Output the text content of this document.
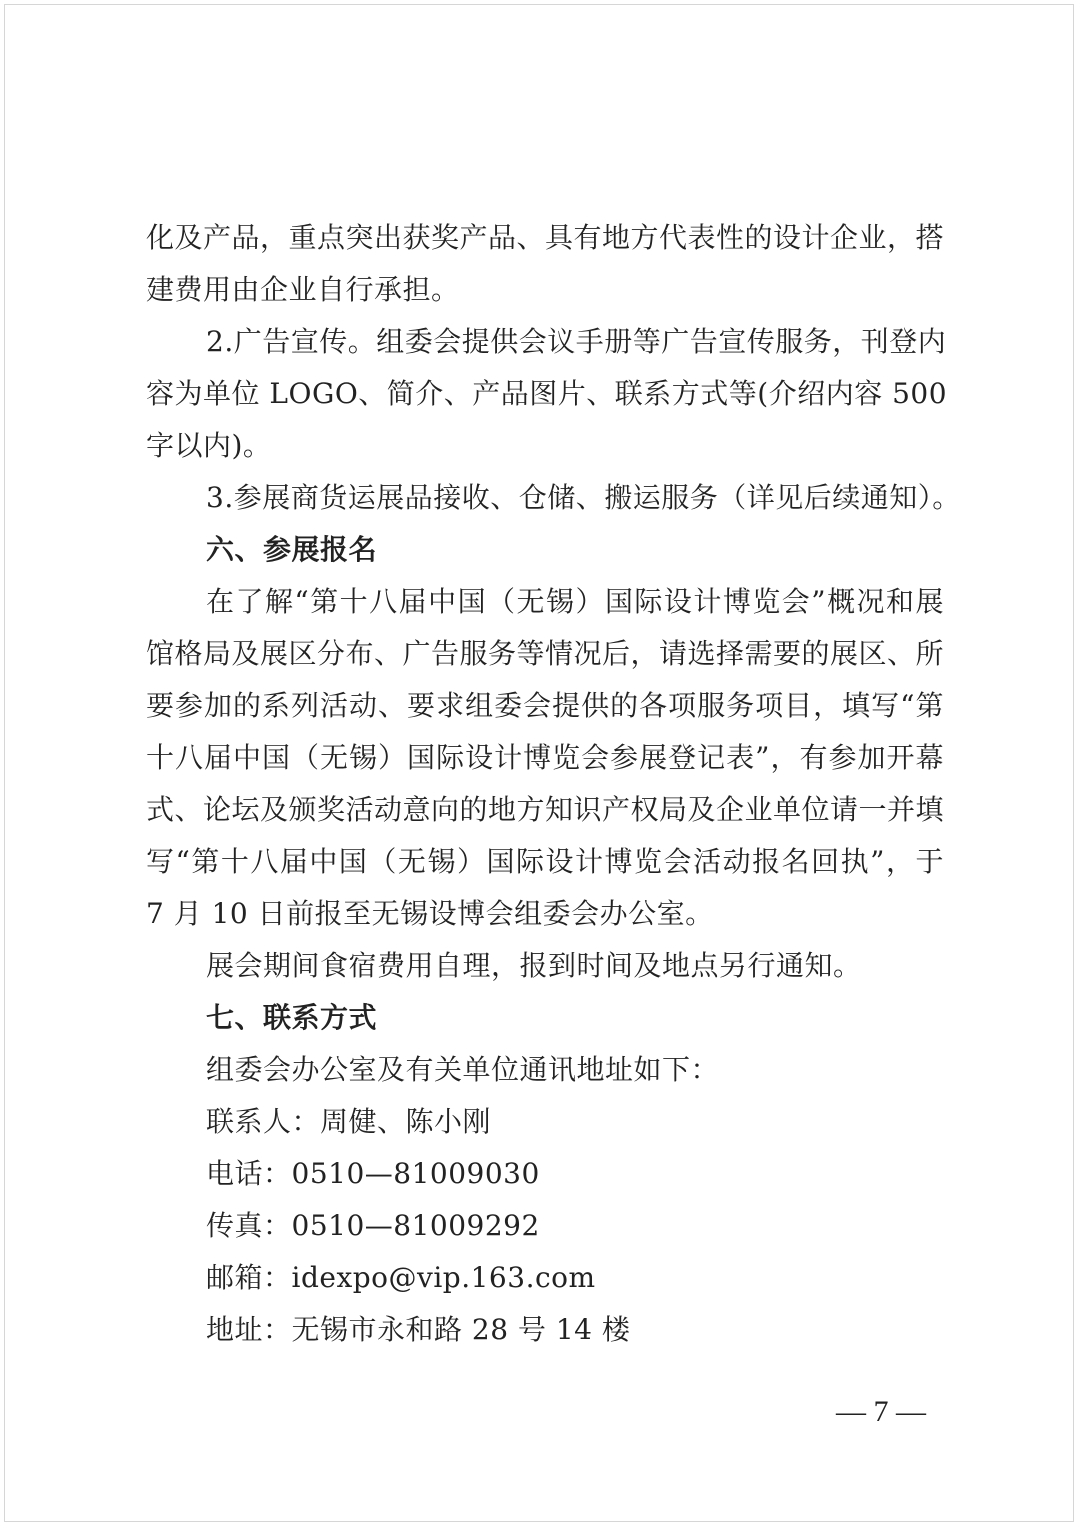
化及产品，重点突出获奖产品、具有地方代表性的设计企业，搭
建费用由企业自行承担。
2.广告宣传。组委会提供会议手册等广告宣传服务，刊登内
容为单位 LOGO、简介、产品图片、联系方式等(介绍内容 500
字以内)。
3.参展商货运展品接收、仓储、搬运服务（详见后续通知）。
六、参展报名
在了解“第十八届中国（无锡）国际设计博览会”概况和展
馆格局及展区分布、广告服务等情况后，请选择需要的展区、所
要参加的系列活动、要求组委会提供的各项服务项目，填写“第
十八届中国（无锡）国际设计博览会参展登记表”，有参加开幕
式、论坛及颁奖活动意向的地方知识产权局及企业单位请一并填
写“第十八届中国（无锡）国际设计博览会活动报名回执”，于
7 月 10 日前报至无锡设博会组委会办公室。
展会期间食宿费用自理，报到时间及地点另行通知。
七、联系方式
组委会办公室及有关单位通讯地址如下：
联系人：周健、陈小刚
电话：0510—81009030
传真：0510—81009292
邮箱：idexpo@vip.163.com
地址：无锡市永和路 28 号 14 楼
— 7 —
